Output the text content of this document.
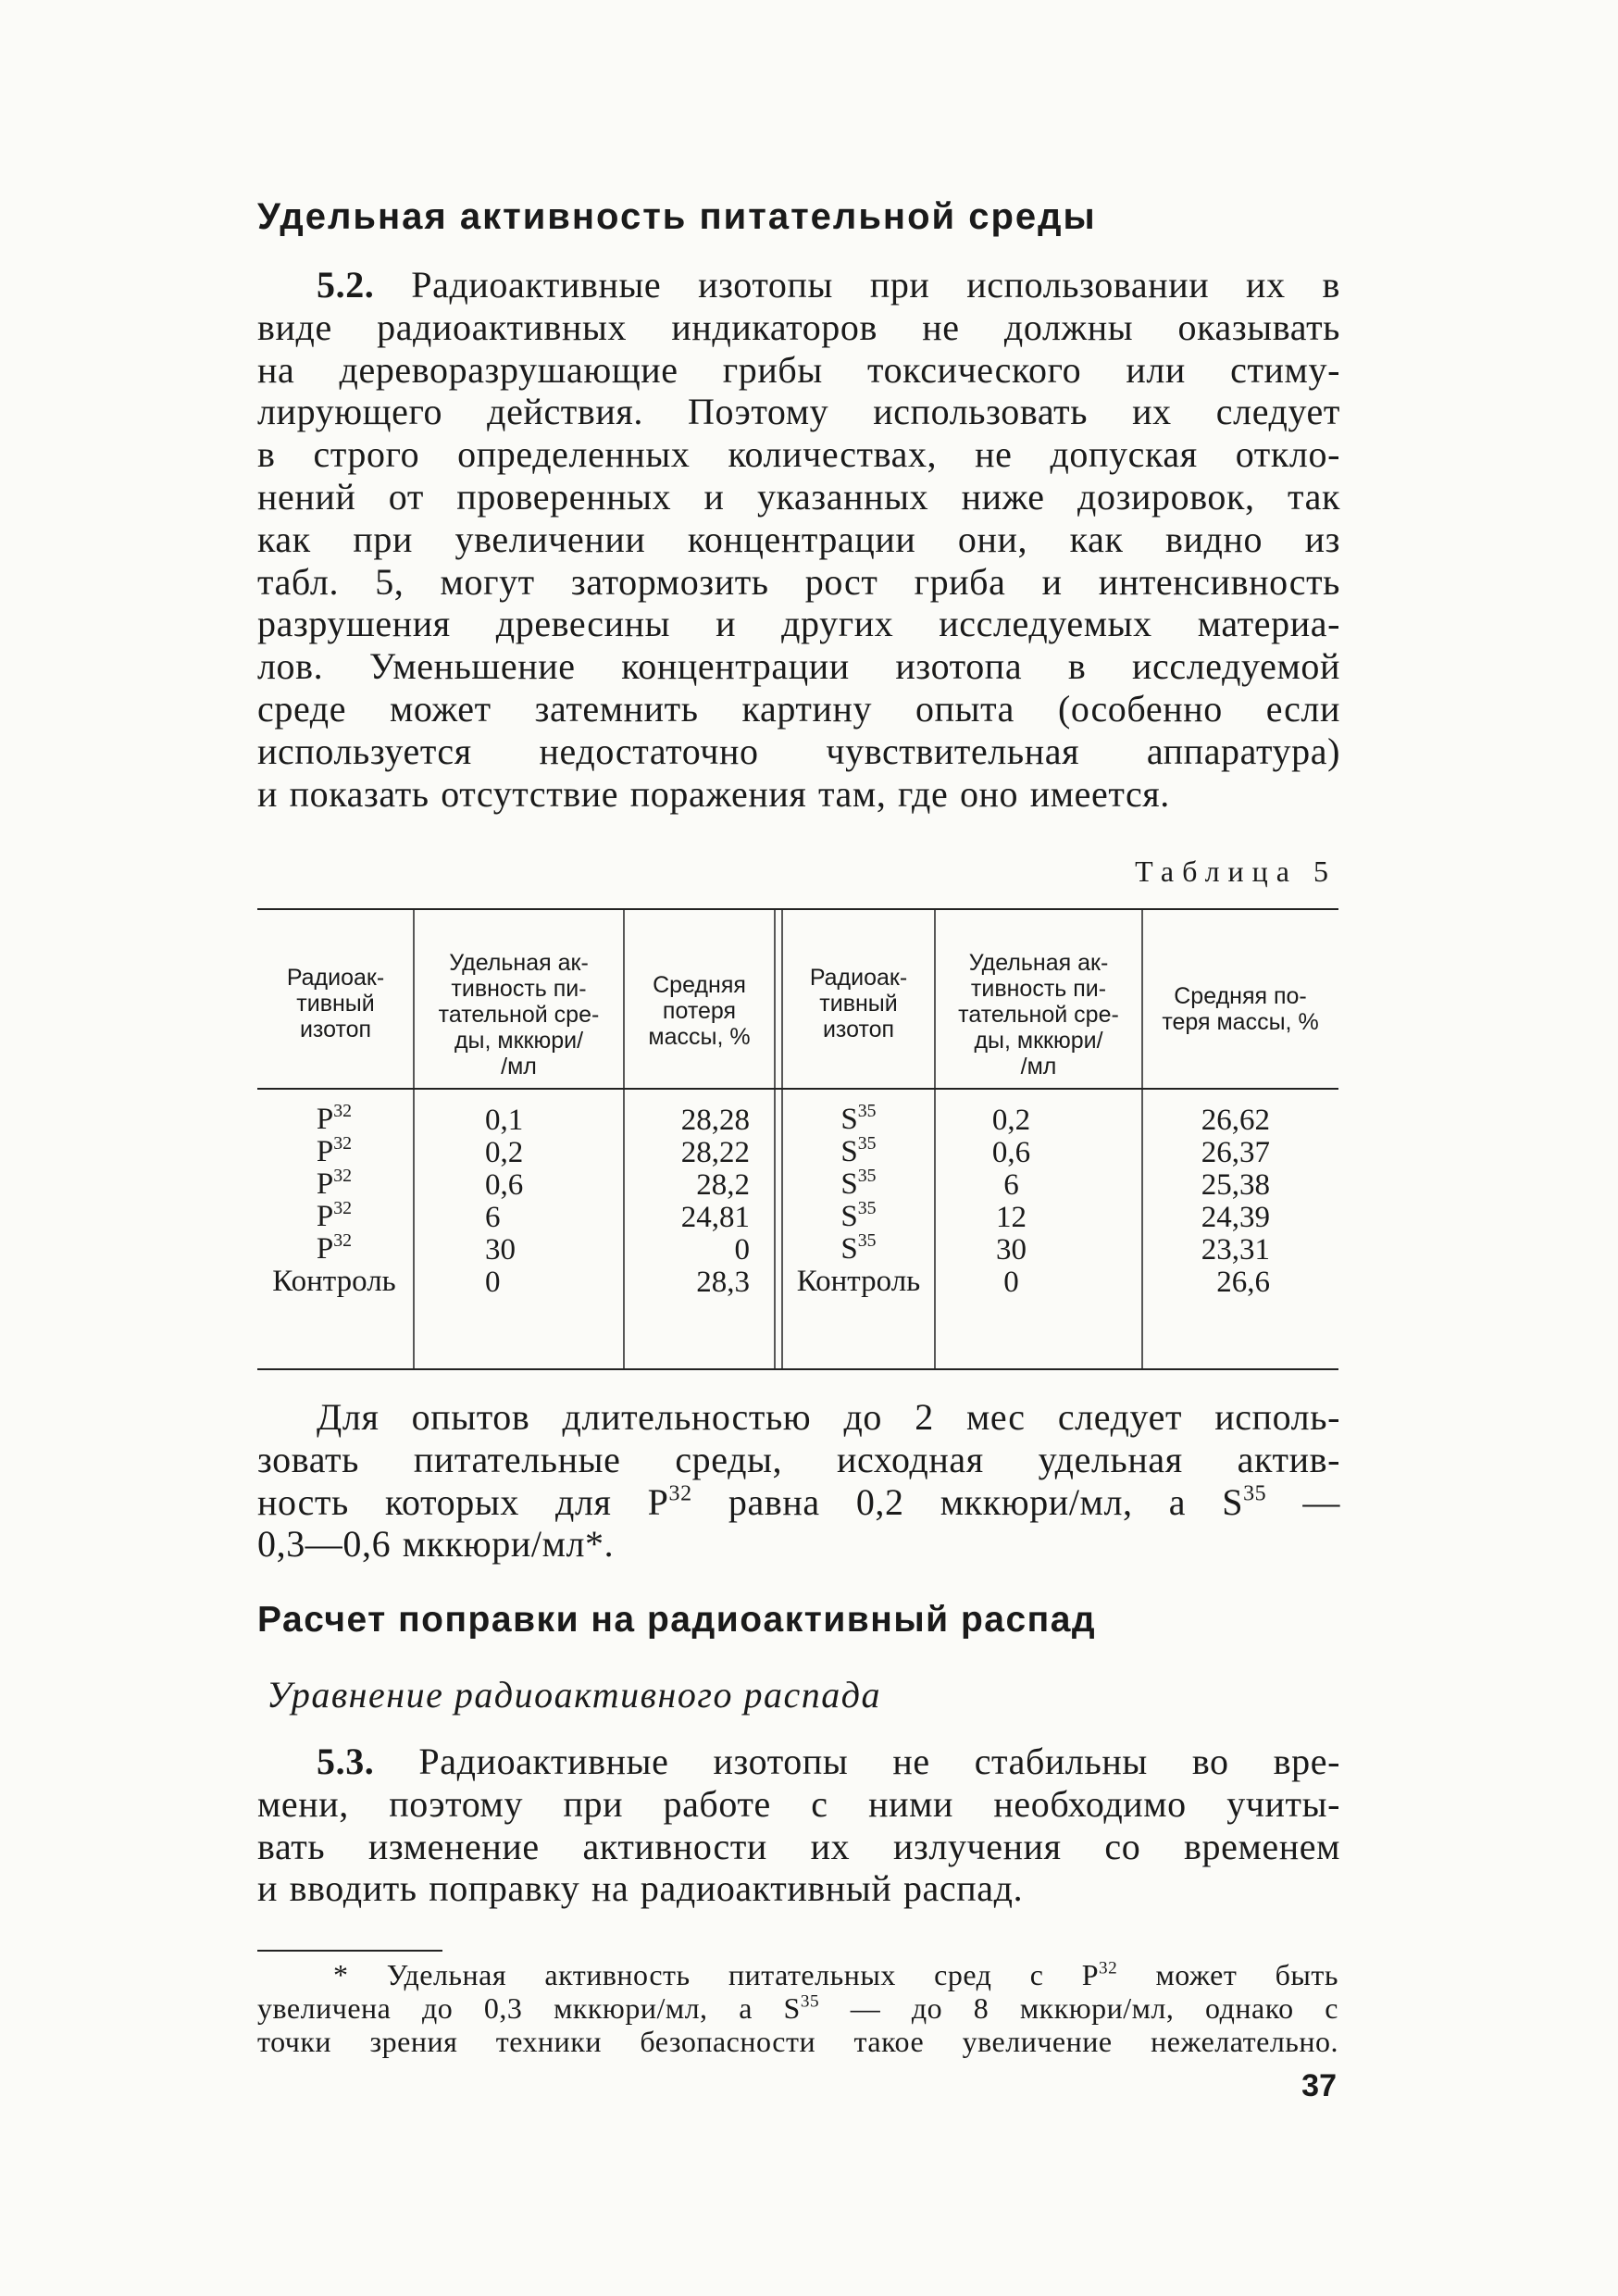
Удельная активность питательной среды
5.2. Радиоактивные изотопы при использовании их в
виде радиоактивных индикаторов не должны оказывать
на дереворазрушающие грибы токсического или стиму-
лирующего действия. Поэтому использовать их следует
в строго определенных количествах, не допуская откло-
нений от проверенных и указанных ниже дозировок, так
как при увеличении концентрации они, как видно из
табл. 5, могут затормозить рост гриба и интенсивность
разрушения древесины и других исследуемых материа-
лов. Уменьшение концентрации изотопа в исследуемой
среде может затемнить картину опыта (особенно если
используется недостаточно чувствительная аппаратура)
и показать отсутствие поражения там, где оно имеется.
Таблица 5
Радиоак-
тивный
изотоп
Удельная ак-
тивность пи-
тательной сре-
ды, мккюри/
/мл
Средняя
потеря
массы, %
Радиоак-
тивный
изотоп
Удельная ак-
тивность пи-
тательной сре-
ды, мккюри/
/мл
Средняя по-
теря массы, %
$P^{32}$
$P^{32}$
$P^{32}$
$P^{32}$
$P^{32}$
Контроль
0,1
0,2
0,6
6
30
0
28,28
28,22
28,2
24,81
0
28,3
$S^{35}$
$S^{35}$
$S^{35}$
$S^{35}$
$S^{35}$
Контроль
0,2
0,6
6
12
30
0
26,62
26,37
25,38
24,39
23,31
26,6
Для опытов длительностью до 2 мес следует исполь-
зовать питательные среды, исходная удельная актив-
ность которых для $P^{32}$ равна 0,2 мккюри/мл, а $S^{35}$ —
0,3—0,6 мккюри/мл*.
Расчет поправки на радиоактивный распад
Уравнение радиоактивного распада
5.3. Радиоактивные изотопы не стабильны во вре-
мени, поэтому при работе с ними необходимо учиты-
вать изменение активности их излучения со временем
и вводить поправку на радиоактивный распад.
* Удельная активность питательных сред с $P^{32}$ может быть
увеличена до 0,3 мккюри/мл, а $S^{35}$ — до 8 мккюри/мл, однако с
точки зрения техники безопасности такое увеличение нежелательно.
37
